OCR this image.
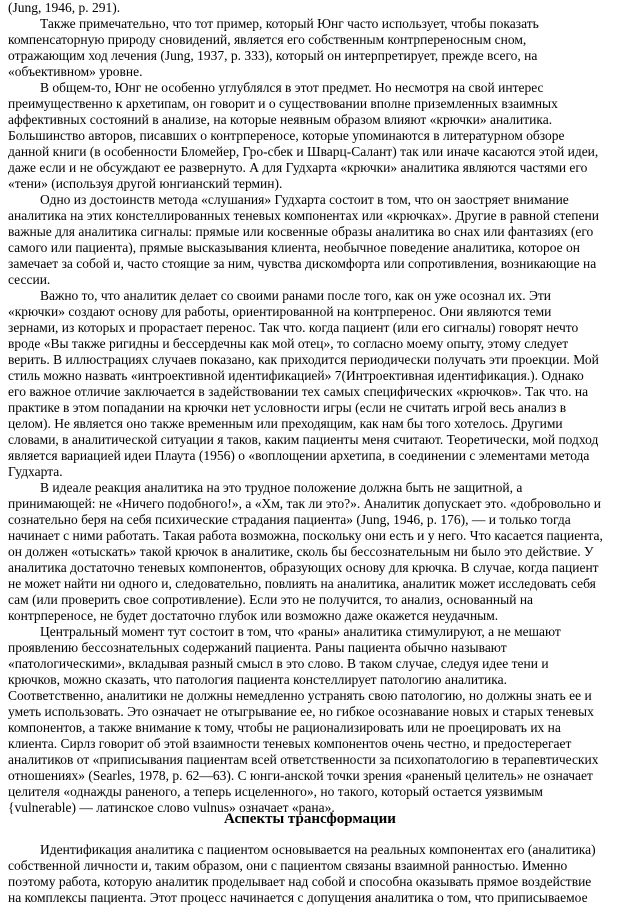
(Jung, 1946, p. 291).
Также примечательно, что тот пример, который Юнг часто использует, чтобы показать
компенсаторную природу сновидений, является его собственным контрпереносным сном,
отражающим ход лечения (Jung, 1937, p. 333), который он интерпретирует, прежде всего, на
«объективном» уровне.
В общем-то, Юнг не особенно углублялся в этот предмет. Но несмотря на свой интерес
преимущественно к архетипам, он говорит и о существовании вполне приземленных взаимных
аффективных состояний в анализе, на которые неявным образом влияют «крючки» аналитика.
Большинство авторов, писавших о контрпереносе, которые упоминаются в литературном обзоре
данной книги (в особенности Бломейер, Гро-сбек и Шварц-Салант) так или иначе касаются этой идеи,
даже если и не обсуждают ее развернуто. А для Гудхарта «крючки» аналитика являются частями его
«тени» (используя другой юнгианский термин).
Одно из достоинств метода «слушания» Гудхарта состоит в том, что он заостряет внимание
аналитика на этих констеллированных теневых компонентах или «крючках». Другие в равной степени
важные для аналитика сигналы: прямые или косвенные образы аналитика во снах или фантазиях (его
самого или пациента), прямые высказывания клиента, необычное поведение аналитика, которое он
замечает за собой и, часто стоящие за ним, чувства дискомфорта или сопротивления, возникающие на
сессии.
Важно то, что аналитик делает со своими ранами после того, как он уже осознал их. Эти
«крючки» создают основу для работы, ориентированной на контрперенос. Они являются теми
зернами, из которых и прорастает перенос. Так что. когда пациент (или его сигналы) говорят нечто
вроде «Вы также ригидны и бессердечны как мой отец», то согласно моему опыту, этому следует
верить. В иллюстрациях случаев показано, как приходится периодически получать эти проекции. Мой
стиль можно назвать «интроективной идентификацией» 7(Интроективная идентификация.). Однако
его важное отличие заключается в задействовании тех самых специфических «крючков». Так что. на
практике в этом попадании на крючки нет условности игры (если не считать игрой весь анализ в
целом). Не является оно также временным или преходящим, как нам бы того хотелось. Другими
словами, в аналитической ситуации я таков, каким пациенты меня считают. Теоретически, мой подход
является вариацией идеи Плаута (1956) о «воплощении архетипа, в соединении с элементами метода
Гудхарта.
В идеале реакция аналитика на это трудное положение должна быть не защитной, а
принимающей: не «Ничего подобного!», а «Хм, так ли это?». Аналитик допускает это. «добровольно и
сознательно беря на себя психические страдания пациента» (Jung, 1946, p. 176), — и только тогда
начинает с ними работать. Такая работа возможна, поскольку они есть и у него. Что касается пациента,
он должен «отыскать» такой крючок в аналитике, сколь бы бессознательным ни было это действие. У
аналитика достаточно теневых компонентов, образующих основу для крючка. В случае, когда пациент
не может найти ни одного и, следовательно, повлиять на аналитика, аналитик может исследовать себя
сам (или проверить свое сопротивление). Если это не получится, то анализ, основанный на
контрпереносе, не будет достаточно глубок или возможно даже окажется неудачным.
Центральный момент тут состоит в том, что «раны» аналитика стимулируют, а не мешают
проявлению бессознательных содержаний пациента. Раны пациента обычно называют
«патологическими», вкладывая разный смысл в это слово. В таком случае, следуя идее тени и
крючков, можно сказать, что патология пациента констеллирует патологию аналитика.
Соответственно, аналитики не должны немедленно устранять свою патологию, но должны знать ее и
уметь использовать. Это означает не отыгрывание ее, но гибкое осознавание новых и старых теневых
компонентов, а также внимание к тому, чтобы не рационализировать или не проецировать их на
клиента. Сирлз говорит об этой взаимности теневых компонентов очень честно, и предостерегает
аналитиков от «приписывания пациентам всей ответственности за психопатологию в терапевтических
отношениях» (Searles, 1978, p. 62—63). С юнги-анской точки зрения «раненый целитель» не означает
целителя «однажды раненого, а теперь исцеленного», но такого, который остается уязвимым
{vulnerable) — латинское слово vulnus» означает «рана».
Аспекты трансформации
Идентификация аналитика с пациентом основывается на реальных компонентах его (аналитика)
собственной личности и, таким образом, они с пациентом связаны взаимной ранностью. Именно
поэтому работа, которую аналитик проделывает над собой и способна оказывать прямое воздействие
на комплексы пациента. Этот процесс начинается с допущения аналитика о том, что приписываемое
